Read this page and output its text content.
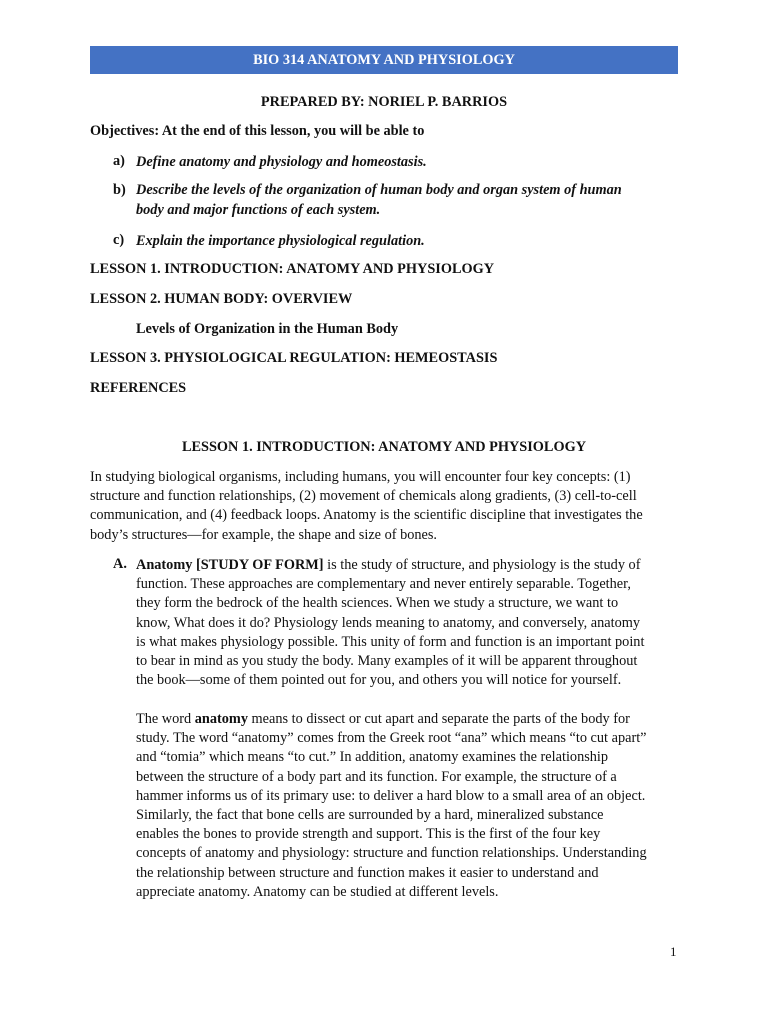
BIO 314 ANATOMY AND PHYSIOLOGY
PREPARED BY: NORIEL P. BARRIOS
Objectives: At the end of this lesson, you will be able to
a) Define anatomy and physiology and homeostasis.
b) Describe the levels of the organization of human body and organ system of human
body and major functions of each system.
c) Explain the importance physiological regulation.
LESSON 1. INTRODUCTION: ANATOMY AND PHYSIOLOGY
LESSON 2. HUMAN BODY: OVERVIEW
Levels of Organization in the Human Body
LESSON 3. PHYSIOLOGICAL REGULATION: HEMEOSTASIS
REFERENCES
LESSON 1. INTRODUCTION: ANATOMY AND PHYSIOLOGY
In studying biological organisms, including humans, you will encounter four key concepts: (1)
structure and function relationships, (2) movement of chemicals along gradients, (3) cell-to-cell
communication, and (4) feedback loops. Anatomy is the scientific discipline that investigates the
body’s structures—for example, the shape and size of bones.
A. Anatomy [STUDY OF FORM] is the study of structure, and physiology is the study of
function. These approaches are complementary and never entirely separable. Together,
they form the bedrock of the health sciences. When we study a structure, we want to
know, What does it do? Physiology lends meaning to anatomy, and conversely, anatomy
is what makes physiology possible. This unity of form and function is an important point
to bear in mind as you study the body. Many examples of it will be apparent throughout
the book—some of them pointed out for you, and others you will notice for yourself.
The word anatomy means to dissect or cut apart and separate the parts of the body for
study. The word “anatomy” comes from the Greek root “ana” which means “to cut apart”
and “tomia” which means “to cut.” In addition, anatomy examines the relationship
between the structure of a body part and its function. For example, the structure of a
hammer informs us of its primary use: to deliver a hard blow to a small area of an object.
Similarly, the fact that bone cells are surrounded by a hard, mineralized substance
enables the bones to provide strength and support. This is the first of the four key
concepts of anatomy and physiology: structure and function relationships. Understanding
the relationship between structure and function makes it easier to understand and
appreciate anatomy. Anatomy can be studied at different levels.
1
